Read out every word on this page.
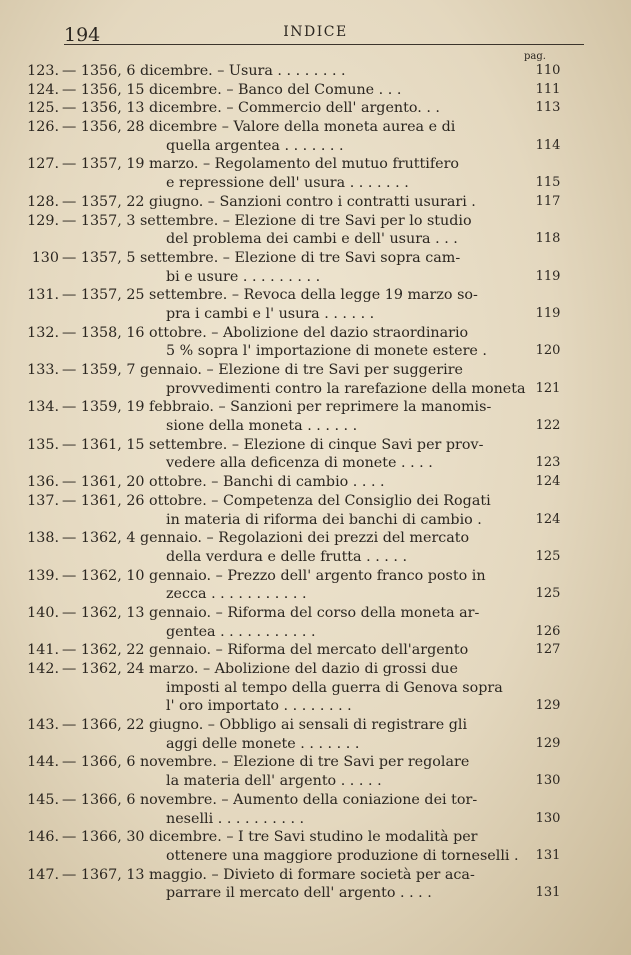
194	INDICE
pag.
123. — 1356, 6 dicembre. – Usura . . . . . . . .	110
124. — 1356, 15 dicembre. – Banco del Comune . . .	111
125. — 1356, 13 dicembre. – Commercio dell' argento. . .	113
126. — 1356, 28 dicembre – Valore della moneta aurea e di
quella argentea . . . . . . .	114
127. — 1357, 19 marzo. – Regolamento del mutuo fruttifero
e repressione dell' usura . . . . . . .	115
128. — 1357, 22 giugno. – Sanzioni contro i contratti usurari .	117
129. — 1357, 3 settembre. – Elezione di tre Savi per lo studio
del problema dei cambi e dell' usura . . .	118
130 — 1357, 5 settembre. – Elezione di tre Savi sopra cam-
bi e usure . . . . . . . . .	119
131. — 1357, 25 settembre. – Revoca della legge 19 marzo so-
pra i cambi e l' usura . . . . . .	119
132. — 1358, 16 ottobre. – Abolizione del dazio straordinario
5 % sopra l' importazione di monete estere .	120
133. — 1359, 7 gennaio. – Elezione di tre Savi per suggerire
provvedimenti contro la rarefazione della moneta 121
134. — 1359, 19 febbraio. – Sanzioni per reprimere la manomis-
sione della moneta . . . . . .	122
135. — 1361, 15 settembre. – Elezione di cinque Savi per prov-
vedere alla deficenza di monete . . . .	123
136. — 1361, 20 ottobre. – Banchi di cambio . . . .	124
137. — 1361, 26 ottobre. – Competenza del Consiglio dei Rogati
in materia di riforma dei banchi di cambio .	124
138. — 1362, 4 gennaio. – Regolazioni dei prezzi del mercato
della verdura e delle frutta . . . . .	125
139. — 1362, 10 gennaio. – Prezzo dell' argento franco posto in
zecca . . . . . . . . . . .	125
140. — 1362, 13 gennaio. – Riforma del corso della moneta ar-
gentea . . . . . . . . . . .	126
141. — 1362, 22 gennaio. – Riforma del mercato dell'argento	127
142. — 1362, 24 marzo. – Abolizione del dazio di grossi due
imposti al tempo della guerra di Genova sopra
l' oro importato . . . . . . . .	129
143. — 1366, 22 giugno. – Obbligo ai sensali di registrare gli
aggi delle monete . . . . . . .	129
144. — 1366, 6 novembre. – Elezione di tre Savi per regolare
la materia dell' argento . . . . .	130
145. — 1366, 6 novembre. – Aumento della coniazione dei tor-
neselli . . . . . . . . . .	130
146. — 1366, 30 dicembre. – I tre Savi studino le modalità per
ottenere una maggiore produzione di torneselli .	131
147. — 1367, 13 maggio. – Divieto di formare società per aca-
parrare il mercato dell' argento . . . .	131
